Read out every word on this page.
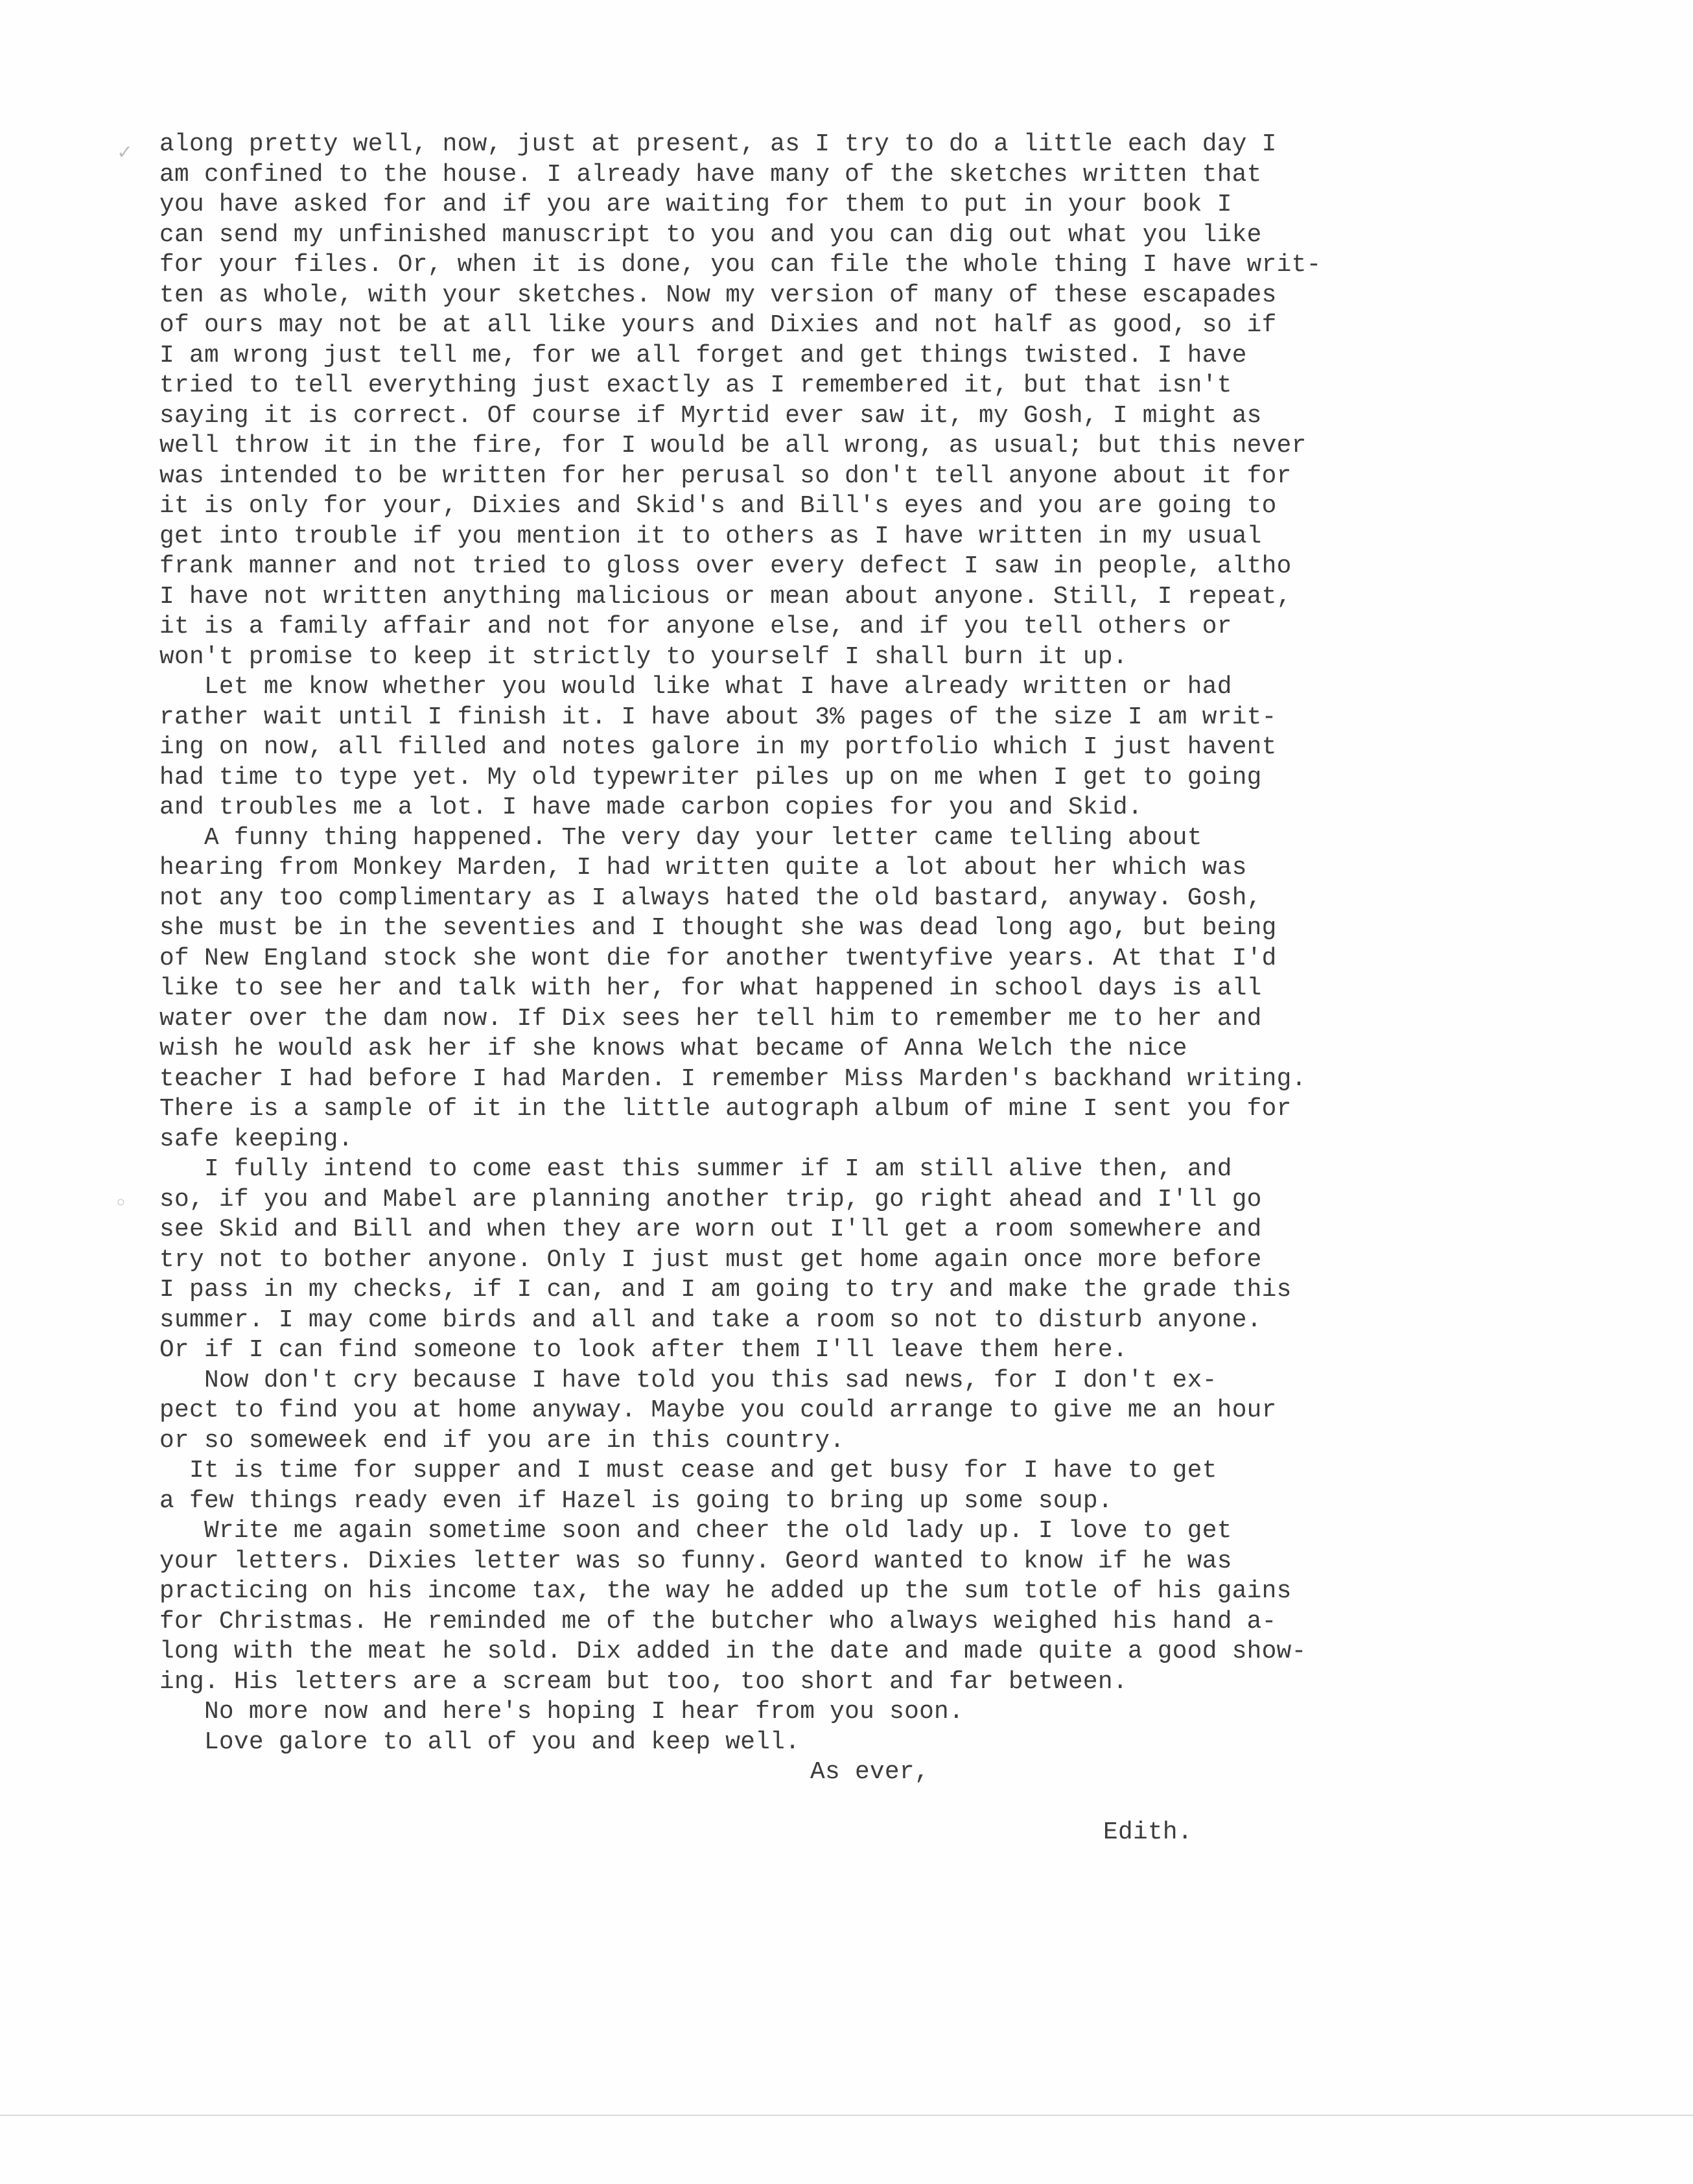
✓
◦
along pretty well, now, just at present, as I try to do a little each day I
am confined to the house. I already have many of the sketches written that
you have asked for and if you are waiting for them to put in your book I
can send my unfinished manuscript to you and you can dig out what you like
for your files. Or, when it is done, you can file the whole thing I have writ-
ten as whole, with your sketches. Now my version of many of these escapades
of ours may not be at all like yours and Dixies and not half as good, so if
I am wrong just tell me, for we all forget and get things twisted. I have
tried to tell everything just exactly as I remembered it, but that isn't
saying it is correct. Of course if Myrtid ever saw it, my Gosh, I might as
well throw it in the fire, for I would be all wrong, as usual; but this never
was intended to be written for her perusal so don't tell anyone about it for
it is only for your, Dixies and Skid's and Bill's eyes and you are going to
get into trouble if you mention it to others as I have written in my usual
frank manner and not tried to gloss over every defect I saw in people, altho
I have not written anything malicious or mean about anyone. Still, I repeat,
it is a family affair and not for anyone else, and if you tell others or
won't promise to keep it strictly to yourself I shall burn it up.
Let me know whether you would like what I have already written or had
rather wait until I finish it. I have about 3% pages of the size I am writ-
ing on now, all filled and notes galore in my portfolio which I just havent
had time to type yet. My old typewriter piles up on me when I get to going
and troubles me a lot. I have made carbon copies for you and Skid.
A funny thing happened. The very day your letter came telling about
hearing from Monkey Marden, I had written quite a lot about her which was
not any too complimentary as I always hated the old bastard, anyway. Gosh,
she must be in the seventies and I thought she was dead long ago, but being
of New England stock she wont die for another twentyfive years. At that I'd
like to see her and talk with her, for what happened in school days is all
water over the dam now. If Dix sees her tell him to remember me to her and
wish he would ask her if she knows what became of Anna Welch the nice
teacher I had before I had Marden. I remember Miss Marden's backhand writing.
There is a sample of it in the little autograph album of mine I sent you for
safe keeping.
I fully intend to come east this summer if I am still alive then, and
so, if you and Mabel are planning another trip, go right ahead and I'll go
see Skid and Bill and when they are worn out I'll get a room somewhere and
try not to bother anyone. Only I just must get home again once more before
I pass in my checks, if I can, and I am going to try and make the grade this
summer. I may come birds and all and take a room so not to disturb anyone.
Or if I can find someone to look after them I'll leave them here.
Now don't cry because I have told you this sad news, for I don't ex-
pect to find you at home anyway. Maybe you could arrange to give me an hour
or so someweek end if you are in this country.
It is time for supper and I must cease and get busy for I have to get
a few things ready even if Hazel is going to bring up some soup.
Write me again sometime soon and cheer the old lady up. I love to get
your letters. Dixies letter was so funny. Geord wanted to know if he was
practicing on his income tax, the way he added up the sum totle of his gains
for Christmas. He reminded me of the butcher who always weighed his hand a-
long with the meat he sold. Dix added in the date and made quite a good show-
ing. His letters are a scream but too, too short and far between.
No more now and here's hoping I hear from you soon.
Love galore to all of you and keep well.
As ever,
Edith.
